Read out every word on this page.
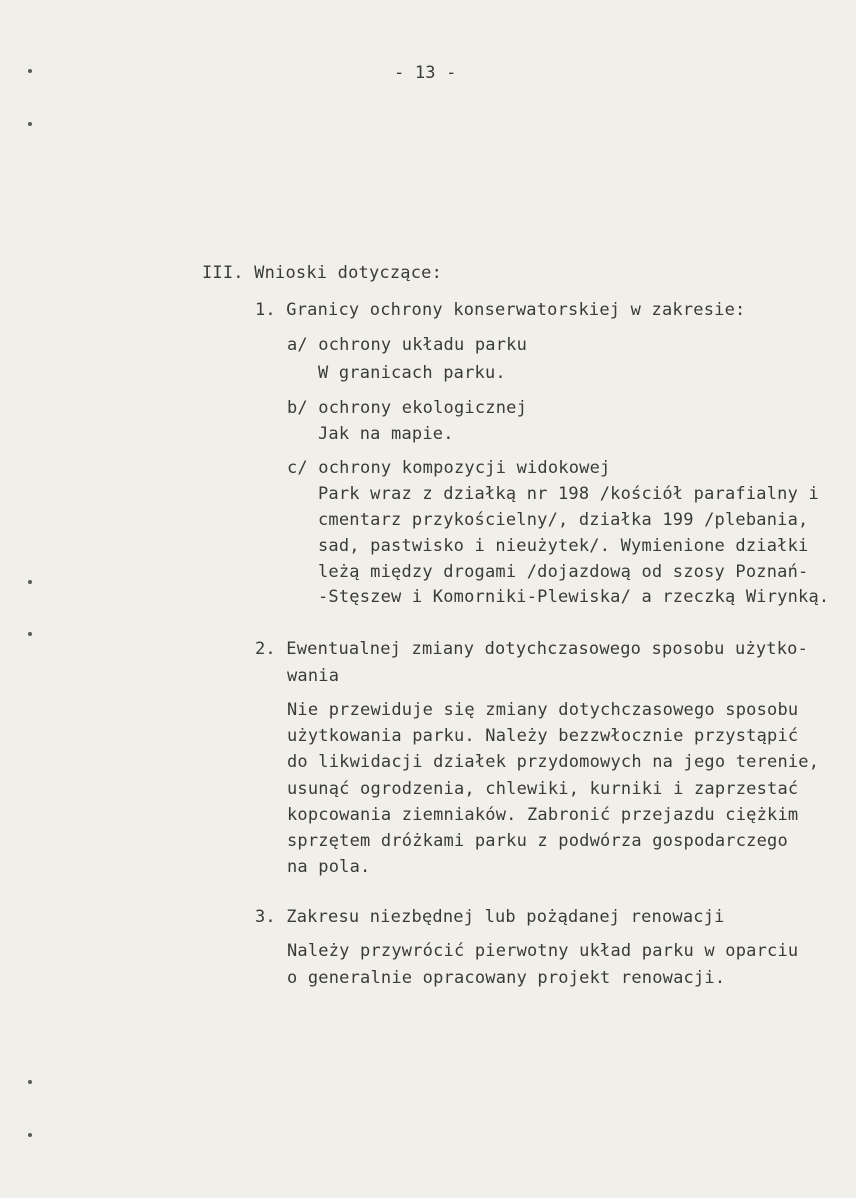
- 13 -
III. Wnioski dotyczące:
1. Granicy ochrony konserwatorskiej w zakresie:
a/ ochrony układu parku
W granicach parku.
b/ ochrony ekologicznej
Jak na mapie.
c/ ochrony kompozycji widokowej
Park wraz z działką nr 198 /kościół parafialny i
cmentarz przykościelny/, działka 199 /plebania,
sad, pastwisko i nieużytek/. Wymienione działki
leżą między drogami /dojazdową od szosy Poznań-
-Stęszew i Komorniki-Plewiska/ a rzeczką Wirynką.
2. Ewentualnej zmiany dotychczasowego sposobu użytko-
wania
Nie przewiduje się zmiany dotychczasowego sposobu
użytkowania parku. Należy bezzwłocznie przystąpić
do likwidacji działek przydomowych na jego terenie,
usunąć ogrodzenia, chlewiki, kurniki i zaprzestać
kopcowania ziemniaków. Zabronić przejazdu ciężkim
sprzętem dróżkami parku z podwórza gospodarczego
na pola.
3. Zakresu niezbędnej lub pożądanej renowacji
Należy przywrócić pierwotny układ parku w oparciu
o generalnie opracowany projekt renowacji.
